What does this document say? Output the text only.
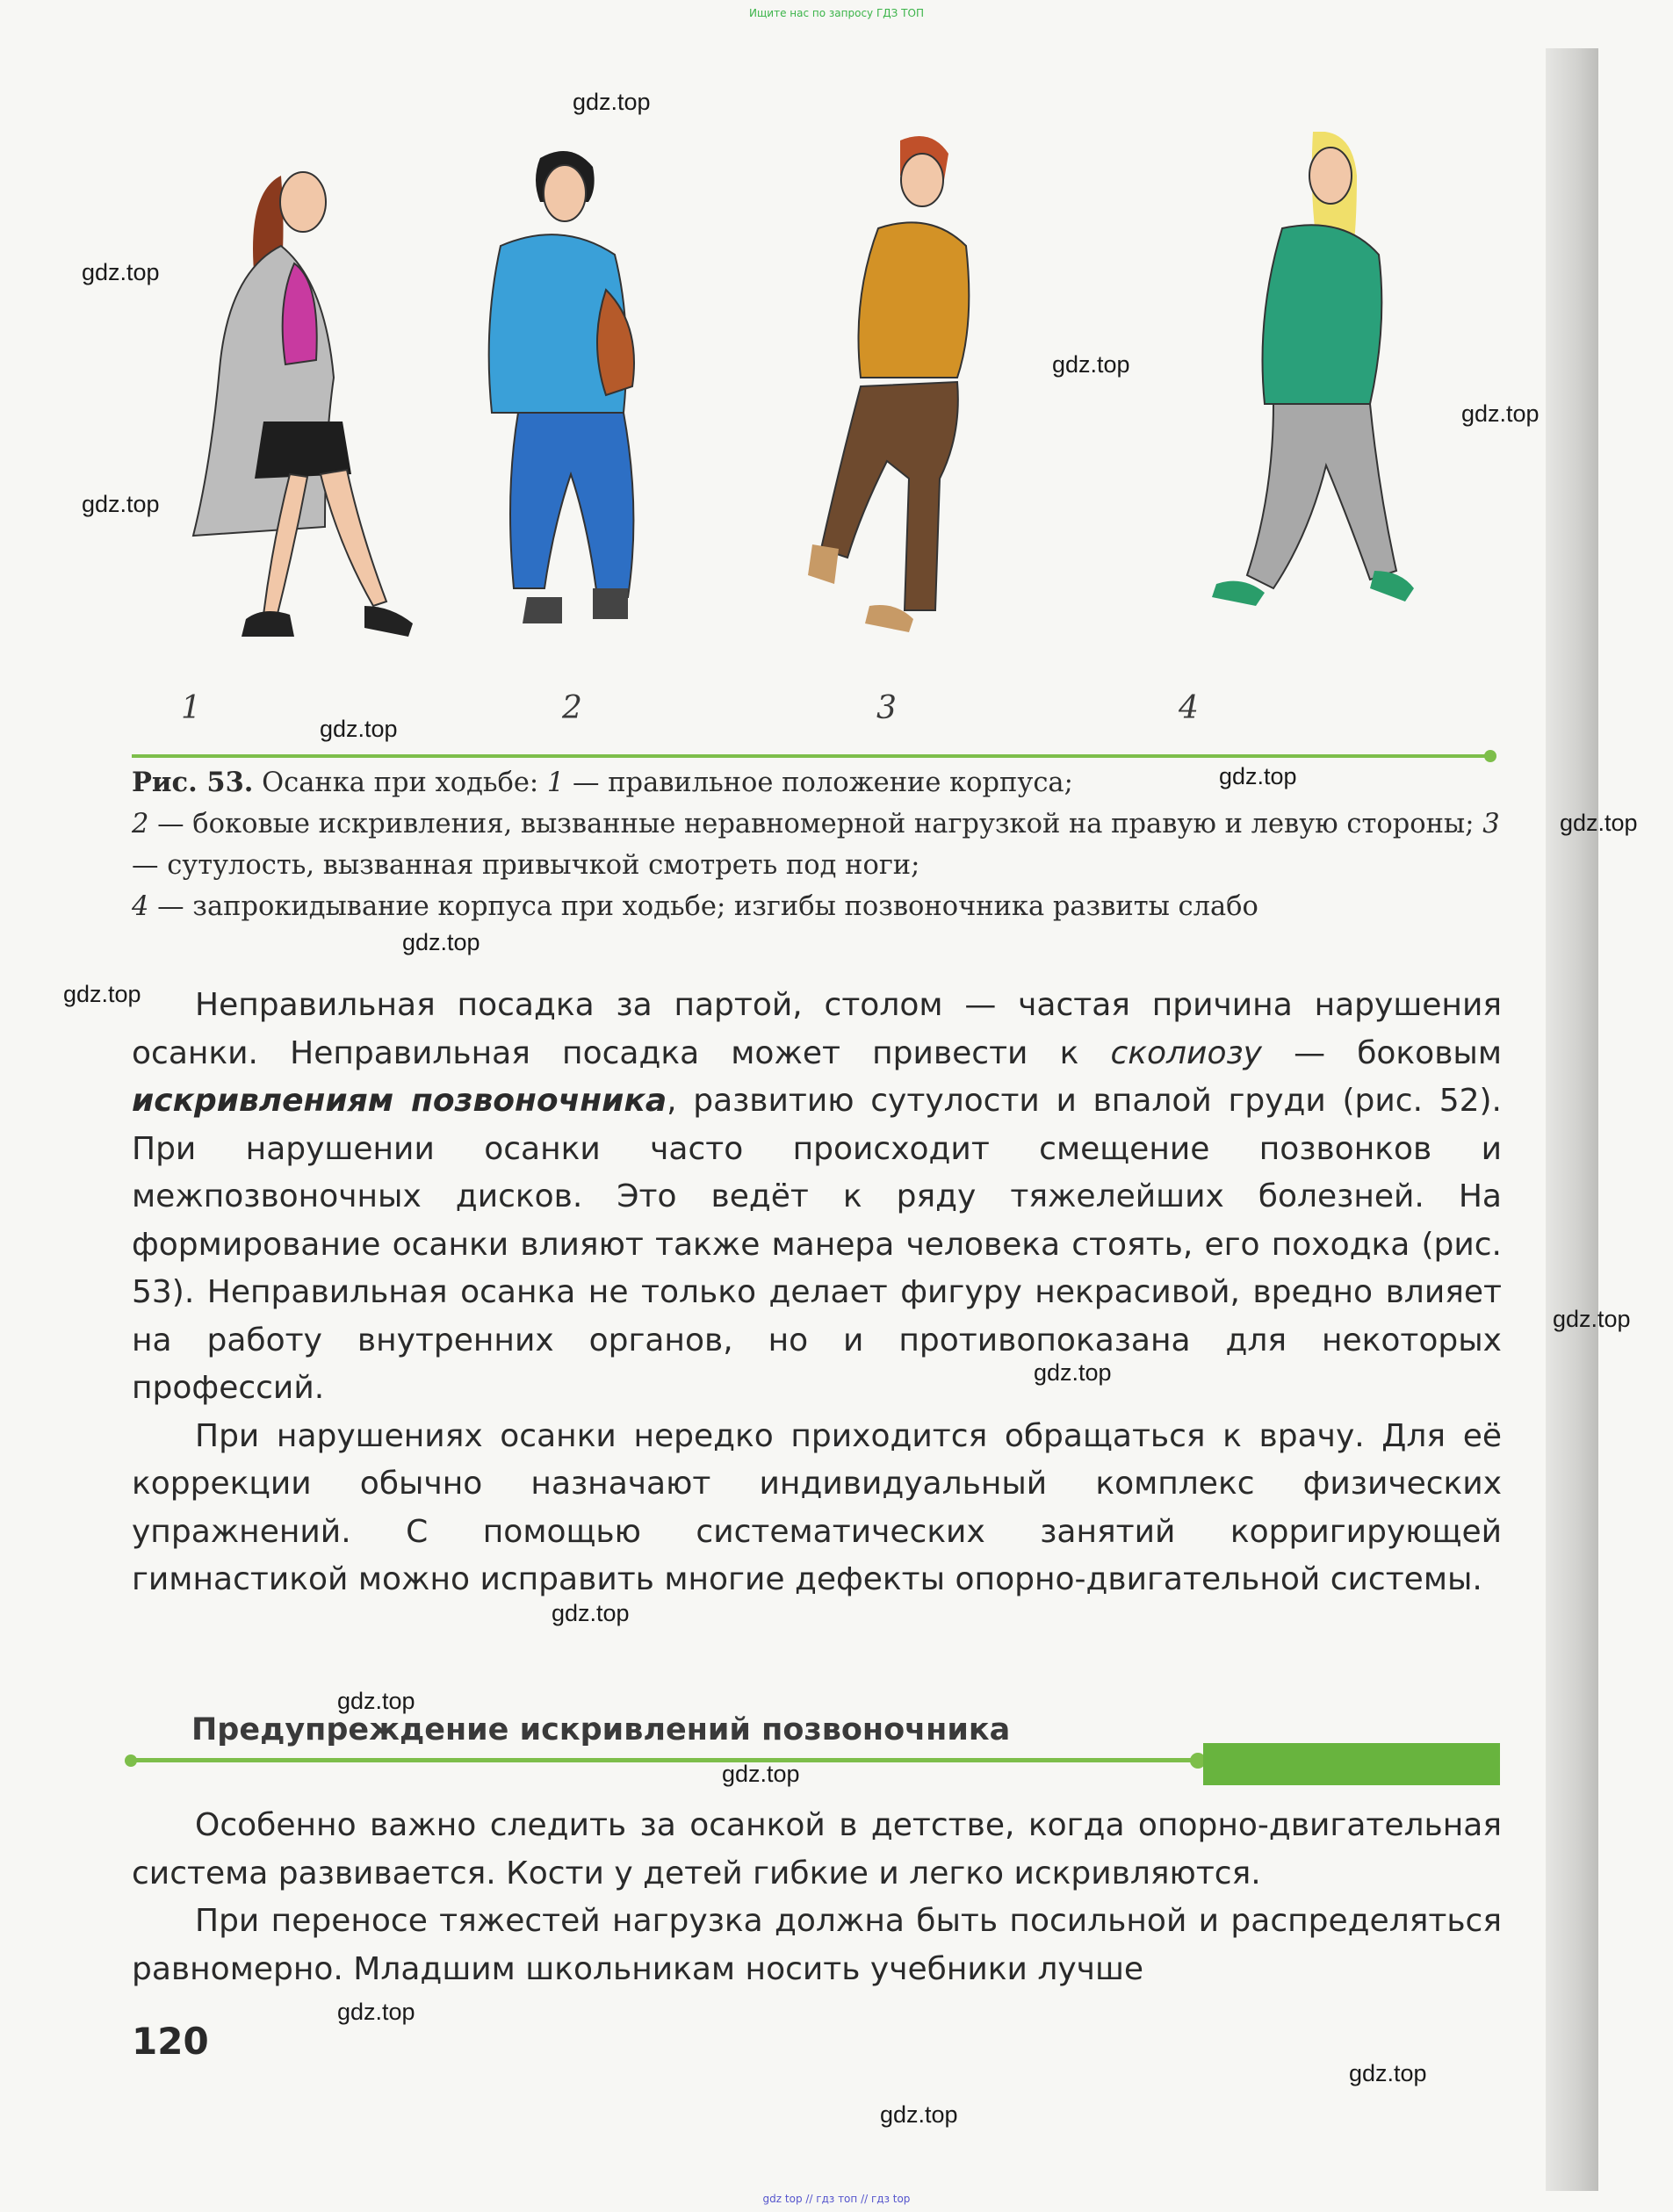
Ищите нас по запросу ГДЗ ТОП
1	2	3	4
Рис. 53. Осанка при ходьбе: 1 — правильное положение корпуса;
2 — боковые искривления, вызванные неравномерной нагрузкой на правую и левую стороны; 3 — сутулость, вызванная привычкой смотреть под ноги;
4 — запрокидывание корпуса при ходьбе; изгибы позвоночника развиты слабо

Неправильная посадка за партой, столом — частая причина нарушения осанки. Неправильная посадка может привести к сколиозу — боковым искривлениям позвоночника, развитию сутулости и впалой груди (рис. 52). При нарушении осанки часто происходит смещение позвонков и межпозвоночных дисков. Это ведёт к ряду тяжелейших болезней. На формирование осанки влияют также манера человека стоять, его походка (рис. 53). Неправильная осанка не только делает фигуру некрасивой, вредно влияет на работу внутренних органов, но и противопоказана для некоторых профессий.

При нарушениях осанки нередко приходится обращаться к врачу. Для её коррекции обычно назначают индивидуальный комплекс физических упражнений. С помощью систематических занятий корригирующей гимнастикой можно исправить многие дефекты опорно-двигательной системы.

Предупреждение искривлений позвоночника

Особенно важно следить за осанкой в детстве, когда опорно-двигательная система развивается. Кости у детей гибкие и легко искривляются.

При переносе тяжестей нагрузка должна быть посильной и распределяться равномерно. Младшим школьникам носить учебники лучше

120
gdz.top
gdz.top
gdz.top
gdz.top
gdz.top
gdz.top
gdz.top
gdz.top
gdz.top
gdz.top
gdz.top
gdz.top
gdz.top
gdz.top
gdz.top
gdz.top
gdz.top
gdz.top
gdz top // гдз топ // гдз top
